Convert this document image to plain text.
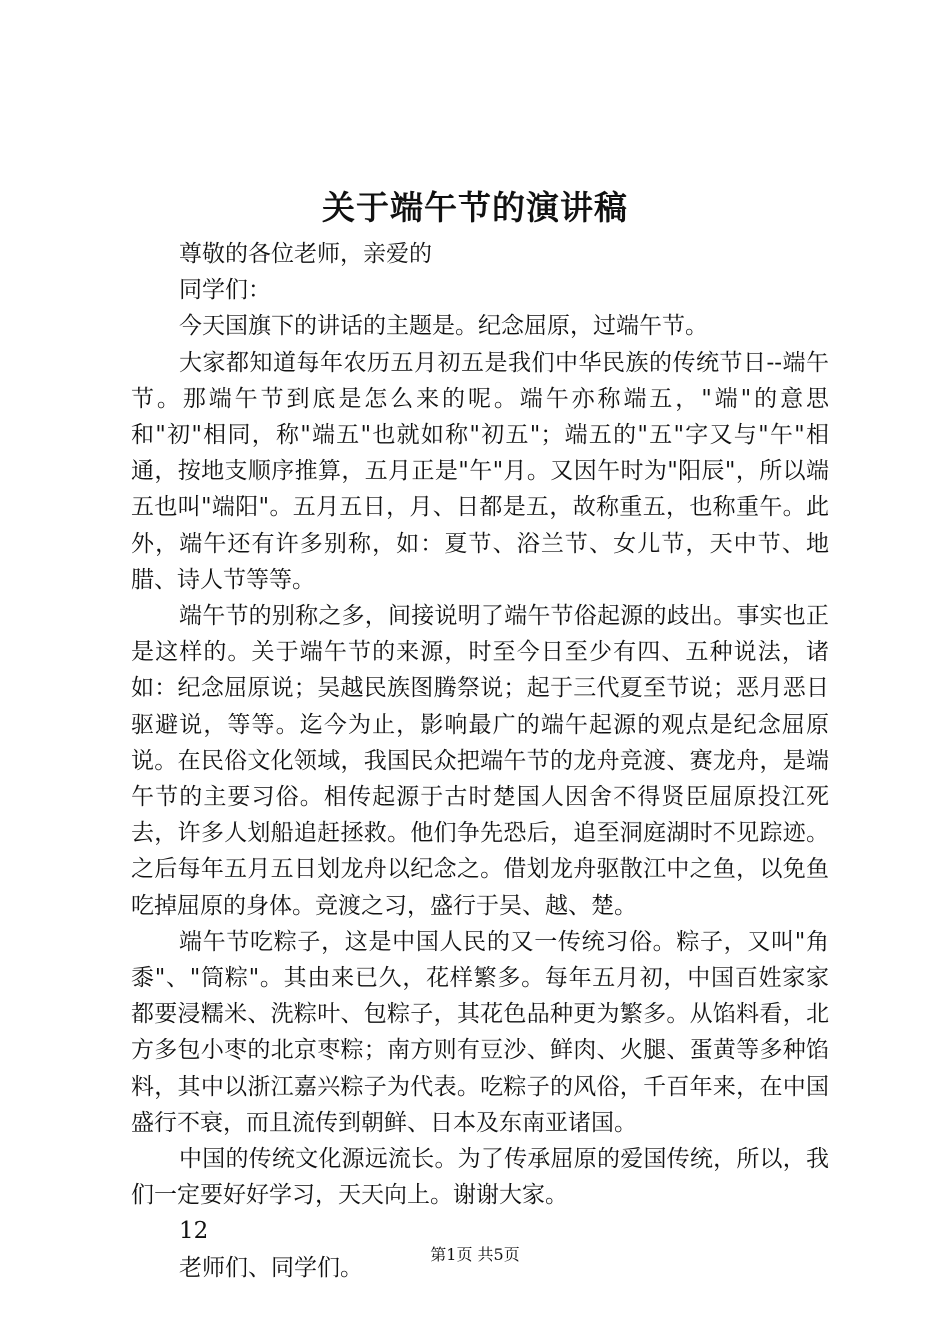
关于端午节的演讲稿

尊敬的各位老师，亲爱的

同学们：

今天国旗下的讲话的主题是。纪念屈原，过端午节。

大家都知道每年农历五月初五是我们中华民族的传统节日--端午节。那端午节到底是怎么来的呢。端午亦称端五，"端"的意思和"初"相同，称"端五"也就如称"初五"；端五的"五"字又与"午"相通，按地支顺序推算，五月正是"午"月。又因午时为"阳辰"，所以端五也叫"端阳"。五月五日，月、日都是五，故称重五，也称重午。此外，端午还有许多别称，如：夏节、浴兰节、女儿节，天中节、地腊、诗人节等等。

端午节的别称之多，间接说明了端午节俗起源的歧出。事实也正是这样的。关于端午节的来源，时至今日至少有四、五种说法，诸如：纪念屈原说；吴越民族图腾祭说；起于三代夏至节说；恶月恶日驱避说，等等。迄今为止，影响最广的端午起源的观点是纪念屈原说。在民俗文化领域，我国民众把端午节的龙舟竞渡、赛龙舟，是端午节的主要习俗。相传起源于古时楚国人因舍不得贤臣屈原投江死去，许多人划船追赶拯救。他们争先恐后，追至洞庭湖时不见踪迹。之后每年五月五日划龙舟以纪念之。借划龙舟驱散江中之鱼，以免鱼吃掉屈原的身体。竞渡之习，盛行于吴、越、楚。

端午节吃粽子，这是中国人民的又一传统习俗。粽子，又叫"角黍"、"筒粽"。其由来已久，花样繁多。每年五月初，中国百姓家家都要浸糯米、洗粽叶、包粽子，其花色品种更为繁多。从馅料看，北方多包小枣的北京枣粽；南方则有豆沙、鲜肉、火腿、蛋黄等多种馅料，其中以浙江嘉兴粽子为代表。吃粽子的风俗，千百年来，在中国盛行不衰，而且流传到朝鲜、日本及东南亚诸国。

中国的传统文化源远流长。为了传承屈原的爱国传统，所以，我们一定要好好学习，天天向上。谢谢大家。

12

老师们、同学们。

第1页 共5页
